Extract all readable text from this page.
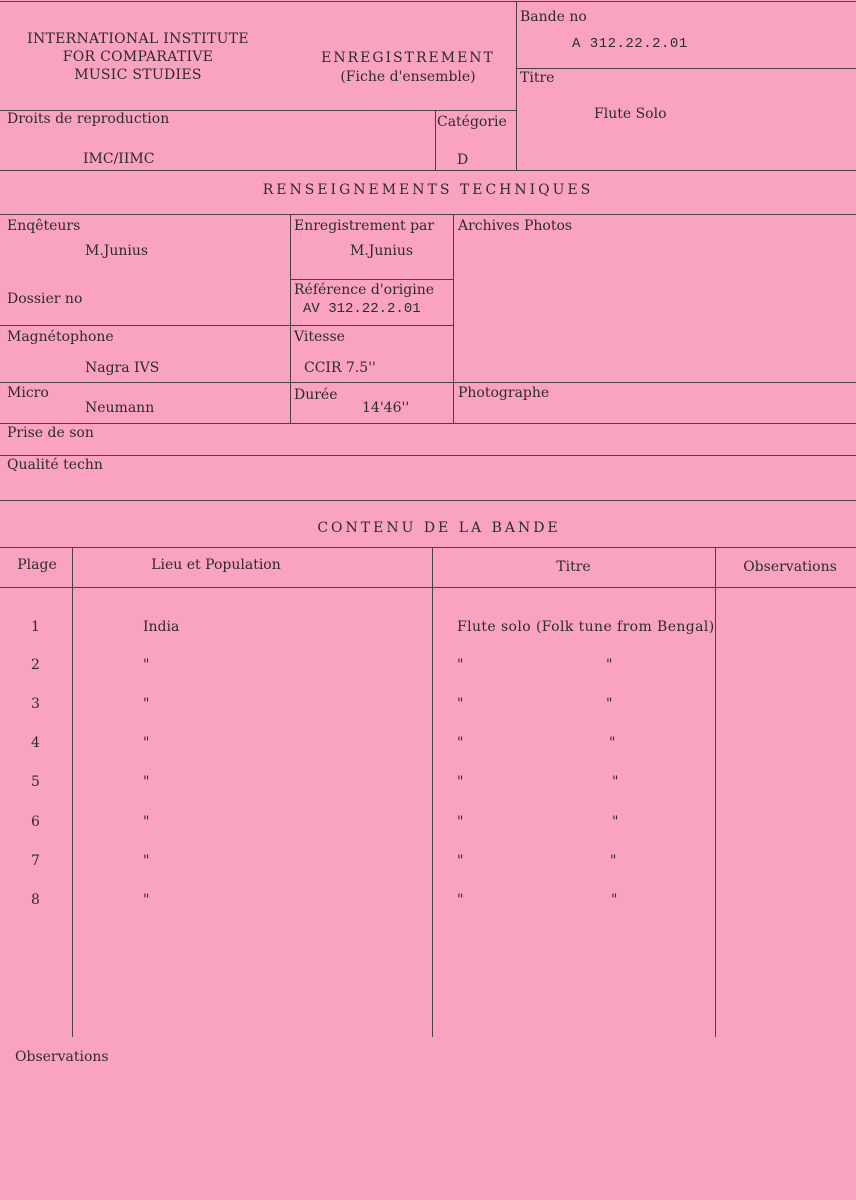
INTERNATIONAL INSTITUTE
FOR COMPARATIVE
MUSIC STUDIES
ENREGISTREMENT
(Fiche d'ensemble)
Bande no
A 312.22.2.01
Titre
Flute Solo
Droits de reproduction
IMC/IIMC
Catégorie
D
RENSEIGNEMENTS TECHNIQUES
Enqêteurs
M.Junius
Enregistrement par
M.Junius
Archives Photos
Dossier no
Référence d'origine
AV 312.22.2.01
Magnétophone
Nagra IVS
Vitesse
CCIR 7.5''
Micro
Neumann
Durée
14'46''
Photographe
Prise de son
Qualité techn
CONTENU DE LA BANDE
Plage	Lieu et Population	Titre	Observations
1	India	Flute solo (Folk tune from Bengal)
2	"	"	"
3	"	"	"
4	"	"	"
5	"	"	"
6	"	"	"
7	"	"	"
8	"	"	"
Observations
